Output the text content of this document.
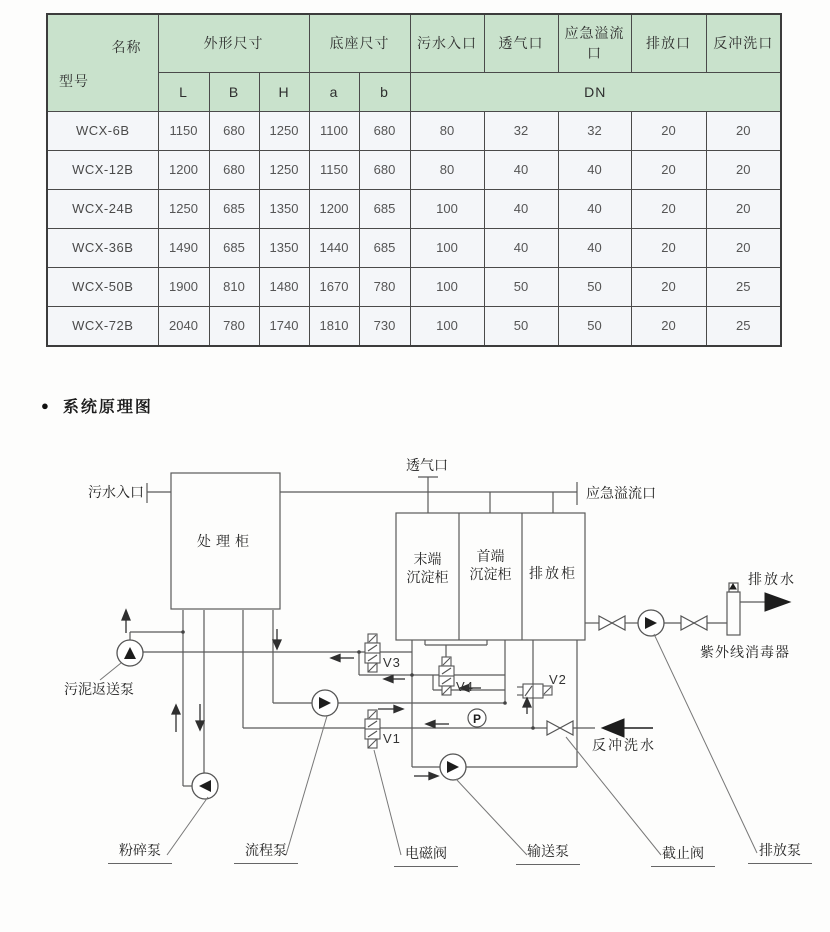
名称
型号	外形尺寸			底座尺寸		污水入口	透气口	应急溢流口	排放口	反冲洗口
	L	B	H	a	b	DN				
WCX-6B	1150	680	1250	1100	680	80	32	32	20	20
WCX-12B	1200	680	1250	1150	680	80	40	40	20	20
WCX-24B	1250	685	1350	1200	685	100	40	40	20	20
WCX-36B	1490	685	1350	1440	685	100	40	40	20	20
WCX-50B	1900	810	1480	1670	780	100	50	50	20	25
WCX-72B	2040	780	1740	1810	730	100	50	50	20	25
● 系统原理图
污水入口
透气口
应急溢流口
处理柜
末端
沉淀柜
首端
沉淀柜	排放柜	排放水
紫外线消毒器
污泥返送泵
V3
V4	V2
V1
P
反冲洗水
粉碎泵	流程泵	电磁阀	输送泵	截止阀	排放泵
